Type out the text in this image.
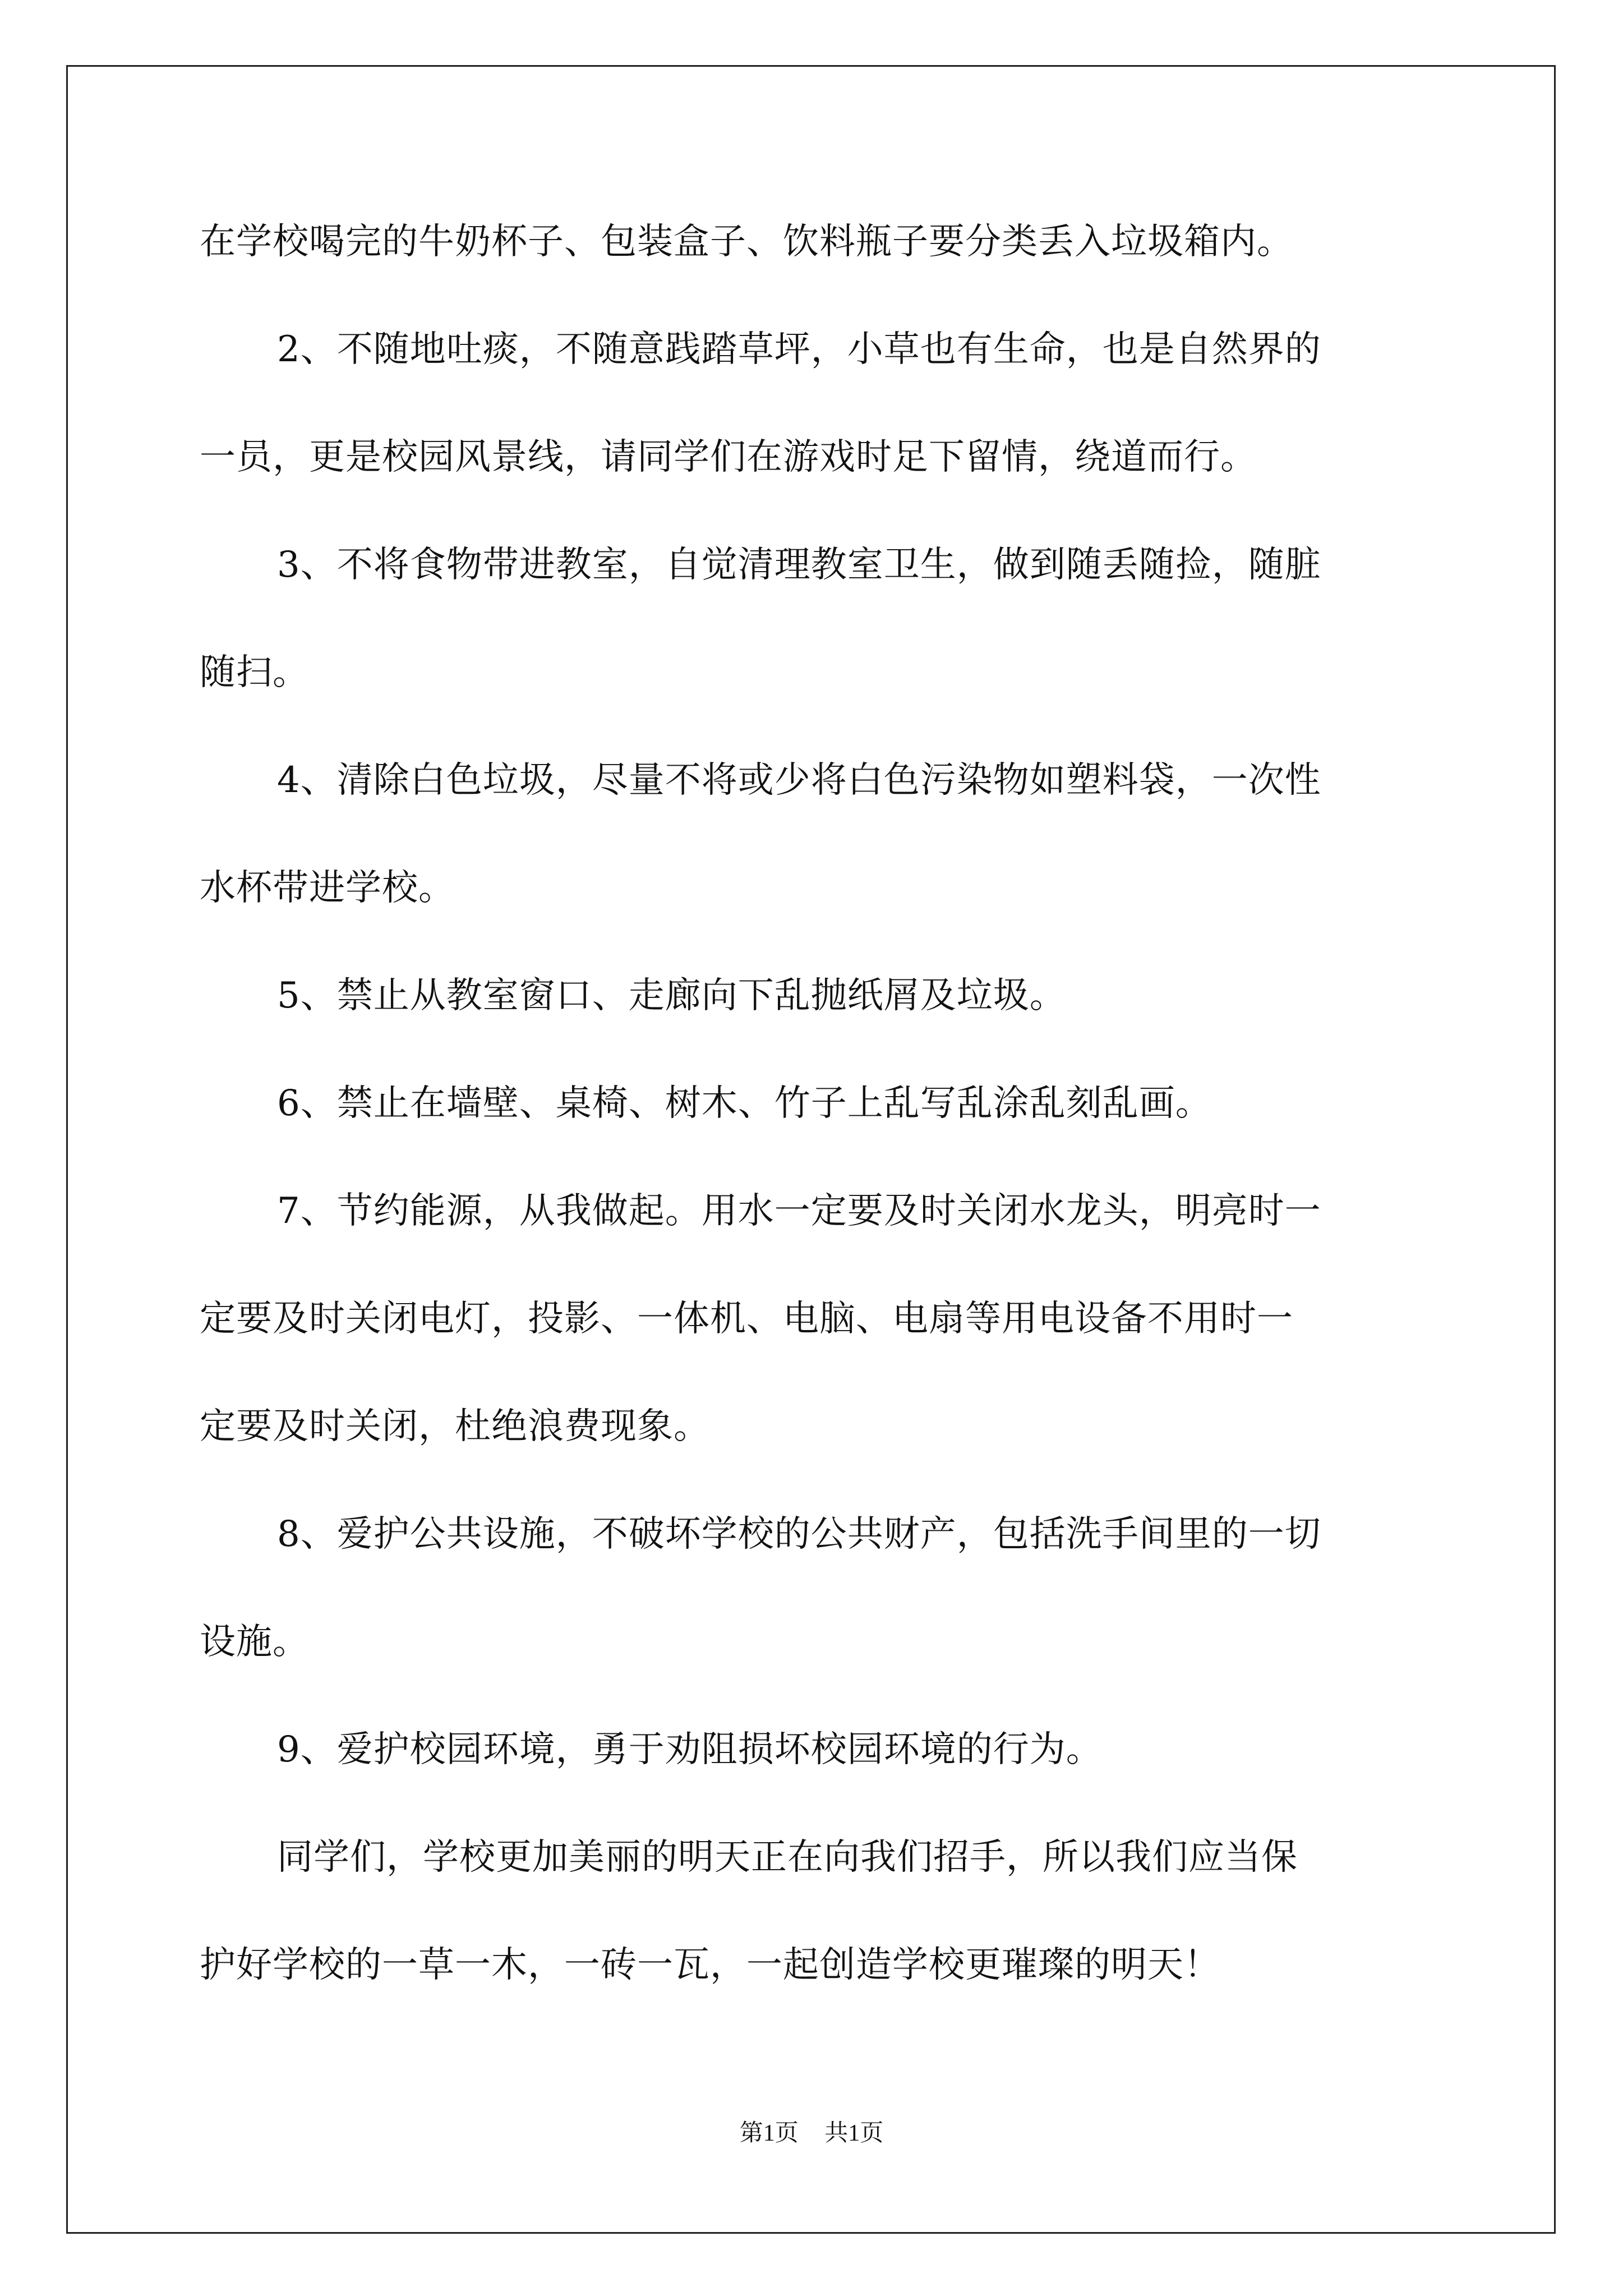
在学校喝完的牛奶杯子、包装盒子、饮料瓶子要分类丢入垃圾箱内。
2、不随地吐痰，不随意践踏草坪，小草也有生命，也是自然界的
一员，更是校园风景线，请同学们在游戏时足下留情，绕道而行。
3、不将食物带进教室，自觉清理教室卫生，做到随丢随捡，随脏
随扫。
4、清除白色垃圾，尽量不将或少将白色污染物如塑料袋，一次性
水杯带进学校。
5、禁止从教室窗口、走廊向下乱抛纸屑及垃圾。
6、禁止在墙壁、桌椅、树木、竹子上乱写乱涂乱刻乱画。
7、节约能源，从我做起。用水一定要及时关闭水龙头，明亮时一
定要及时关闭电灯，投影、一体机、电脑、电扇等用电设备不用时一
定要及时关闭，杜绝浪费现象。
8、爱护公共设施，不破坏学校的公共财产，包括洗手间里的一切
设施。
9、爱护校园环境，勇于劝阻损坏校园环境的行为。
同学们，学校更加美丽的明天正在向我们招手，所以我们应当保
护好学校的一草一木，一砖一瓦，一起创造学校更璀璨的明天！
第1页 共1页
